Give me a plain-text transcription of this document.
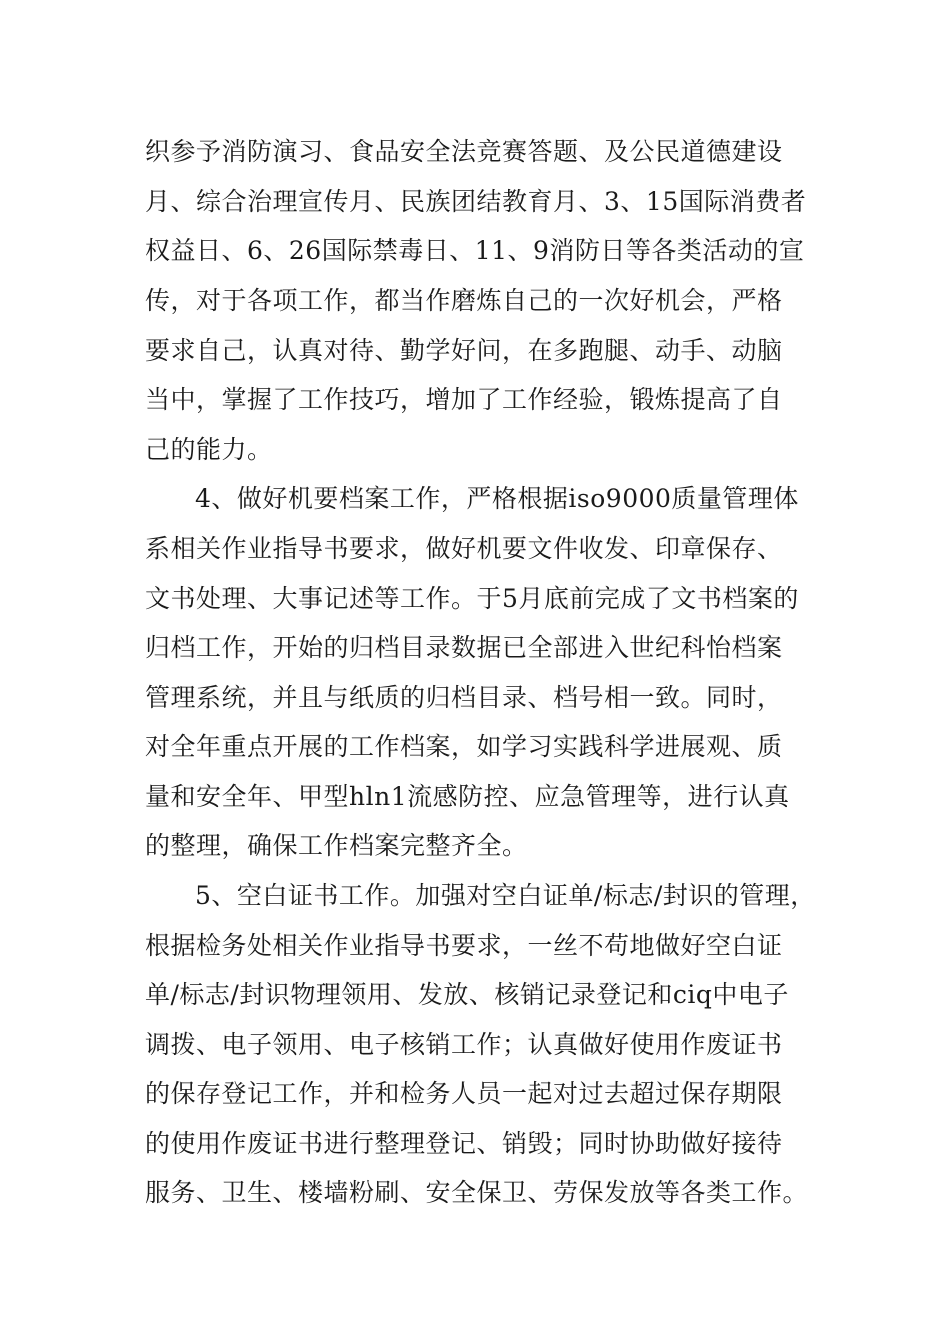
织参予消防演习、食品安全法竞赛答题、及公民道德建设
月、综合治理宣传月、民族团结教育月、3、15国际消费者
权益日、6、26国际禁毒日、11、9消防日等各类活动的宣
传，对于各项工作，都当作磨炼自己的一次好机会，严格
要求自己，认真对待、勤学好问，在多跑腿、动手、动脑
当中，掌握了工作技巧，增加了工作经验，锻炼提高了自
己的能力。
4、做好机要档案工作，严格根据iso9000质量管理体
系相关作业指导书要求，做好机要文件收发、印章保存、
文书处理、大事记述等工作。于5月底前完成了文书档案的
归档工作，开始的归档目录数据已全部进入世纪科怡档案
管理系统，并且与纸质的归档目录、档号相一致。同时，
对全年重点开展的工作档案，如学习实践科学进展观、质
量和安全年、甲型hln1流感防控、应急管理等，进行认真
的整理，确保工作档案完整齐全。
5、空白证书工作。加强对空白证单/标志/封识的管理，
根据检务处相关作业指导书要求，一丝不苟地做好空白证
单/标志/封识物理领用、发放、核销记录登记和ciq中电子
调拨、电子领用、电子核销工作；认真做好使用作废证书
的保存登记工作，并和检务人员一起对过去超过保存期限
的使用作废证书进行整理登记、销毁；同时协助做好接待
服务、卫生、楼墙粉刷、安全保卫、劳保发放等各类工作。
